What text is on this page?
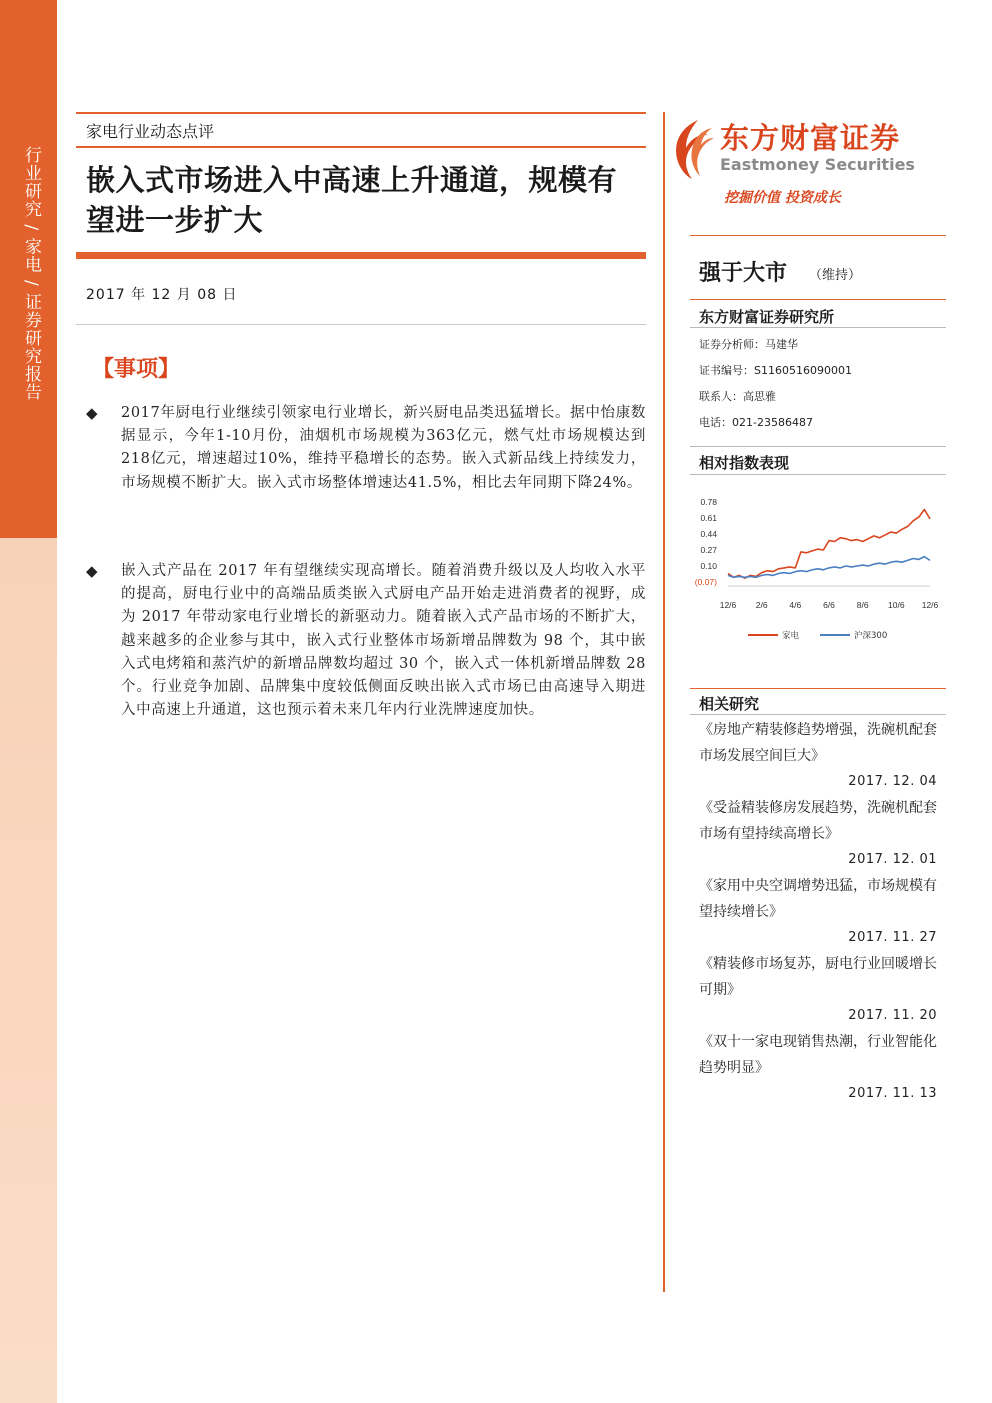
行业研究 / 家电 / 证券研究报告
家电行业动态点评
嵌入式市场进入中高速上升通道，规模有望进一步扩大
2017 年 12 月 08 日
【事项】
◆ 2017年厨电行业继续引领家电行业增长，新兴厨电品类迅猛增长。据中怡康数据显示，今年1-10月份，油烟机市场规模为363亿元，燃气灶市场规模达到218亿元，增速超过10%，维持平稳增长的态势。嵌入式新品线上持续发力，市场规模不断扩大。嵌入式市场整体增速达41.5%，相比去年同期下降24%。
◆ 嵌入式产品在 2017 年有望继续实现高增长。随着消费升级以及人均收入水平的提高，厨电行业中的高端品质类嵌入式厨电产品开始走进消费者的视野，成为 2017 年带动家电行业增长的新驱动力。随着嵌入式产品市场的不断扩大，越来越多的企业参与其中，嵌入式行业整体市场新增品牌数为 98 个，其中嵌入式电烤箱和蒸汽炉的新增品牌数均超过 30 个，嵌入式一体机新增品牌数 28 个。行业竞争加剧、品牌集中度较低侧面反映出嵌入式市场已由高速导入期进入中高速上升通道，这也预示着未来几年内行业洗牌速度加快。
东方财富证券
Eastmoney Securities
挖掘价值 投资成长
强于大市 （维持）
东方财富证券研究所
证券分析师：马建华
证书编号：S1160516090001
联系人：高思雅
电话：021-23586487
相对指数表现
0.78
0.61
0.44
0.27
0.10
(0.07)
12/6 2/6	4/6	6/6	8/6 10/6 12/6
家电	沪深300
相关研究
《房地产精装修趋势增强，洗碗机配套市场发展空间巨大》
2017. 12. 04
《受益精装修房发展趋势，洗碗机配套市场有望持续高增长》
2017. 12. 01
《家用中央空调增势迅猛，市场规模有望持续增长》
2017. 11. 27
《精装修市场复苏，厨电行业回暖增长可期》
2017. 11. 20
《双十一家电现销售热潮，行业智能化趋势明显》
2017. 11. 13
